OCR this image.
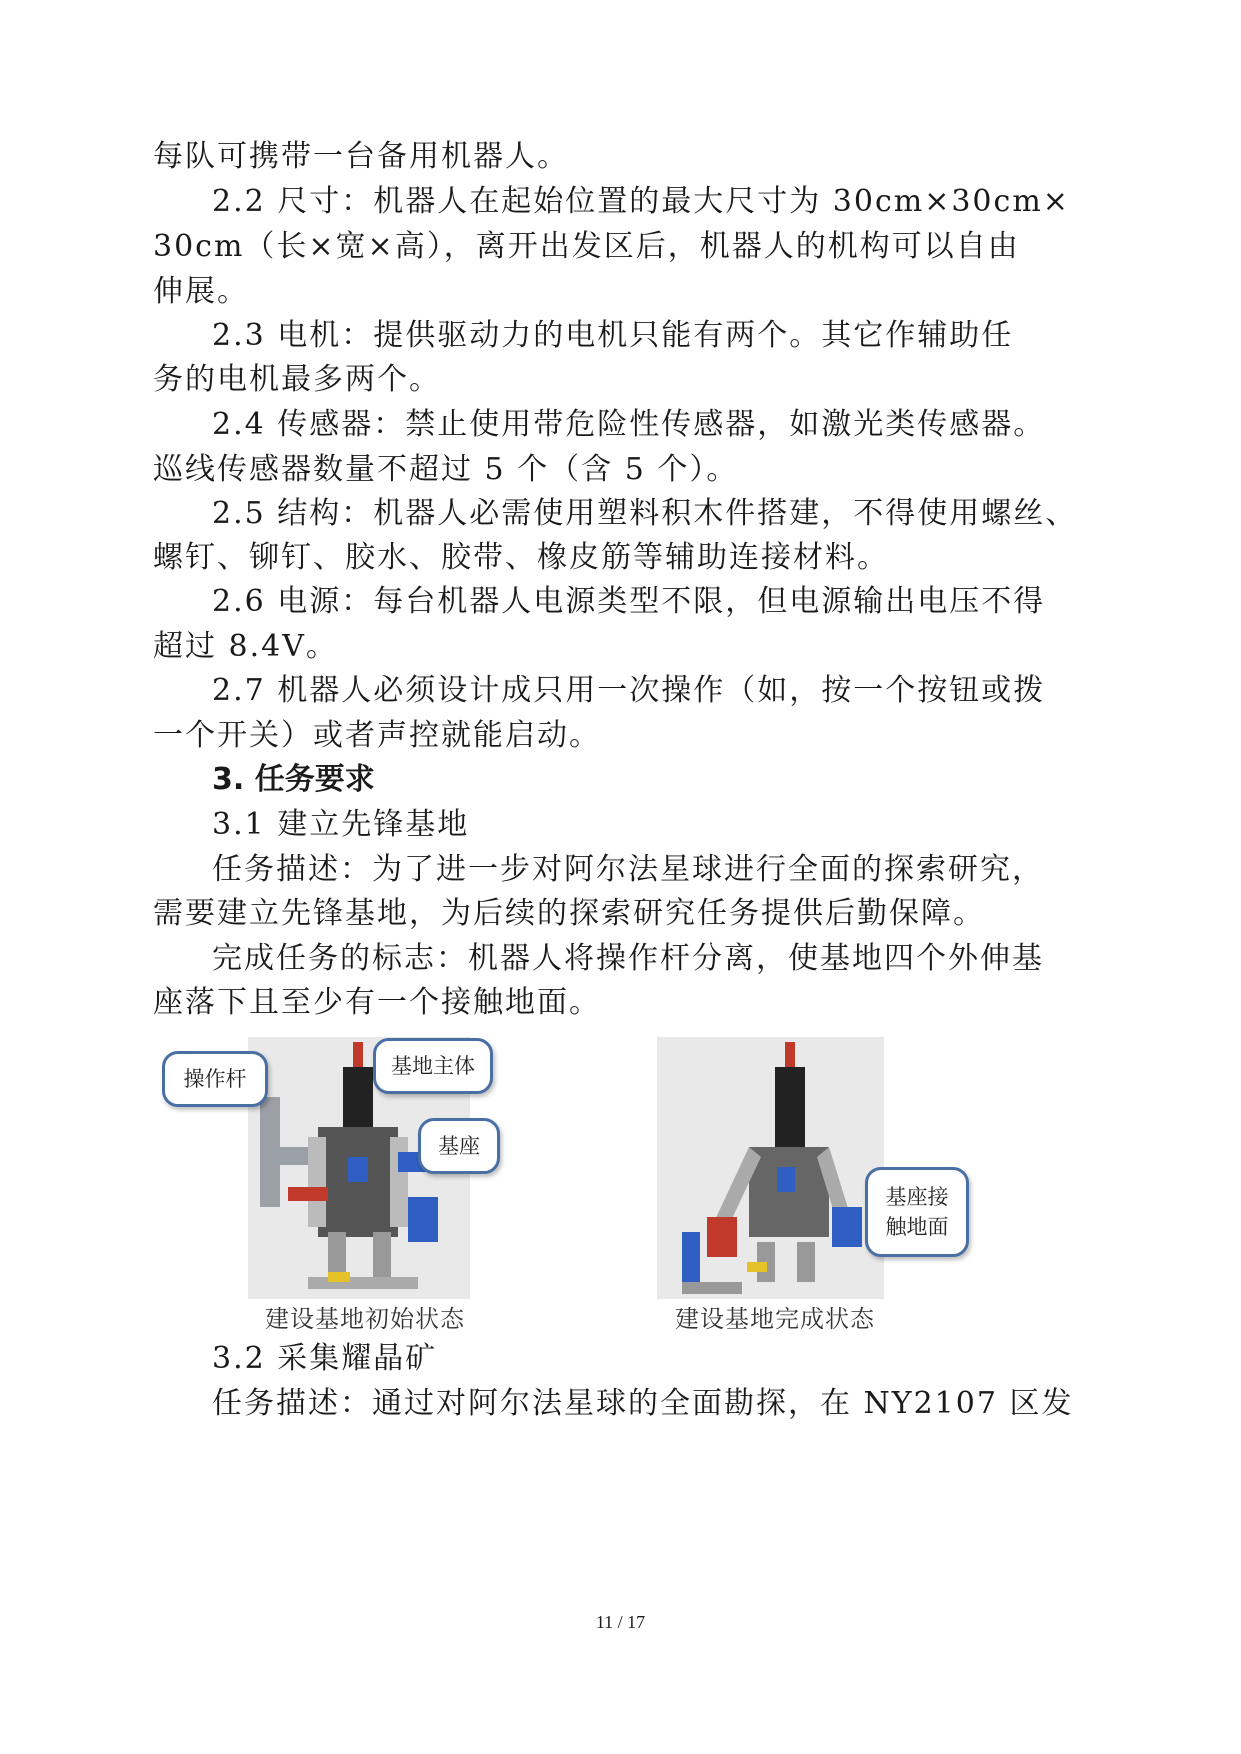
每队可携带一台备用机器人。
2.2 尺寸：机器人在起始位置的最大尺寸为 30cm×30cm×
30cm（长×宽×高），离开出发区后，机器人的机构可以自由
伸展。
2.3 电机：提供驱动力的电机只能有两个。其它作辅助任
务的电机最多两个。
2.4 传感器：禁止使用带危险性传感器，如激光类传感器。
巡线传感器数量不超过 5 个（含 5 个）。
2.5 结构：机器人必需使用塑料积木件搭建，不得使用螺丝、
螺钉、铆钉、胶水、胶带、橡皮筋等辅助连接材料。
2.6 电源：每台机器人电源类型不限，但电源输出电压不得
超过 8.4V。
2.7 机器人必须设计成只用一次操作（如，按一个按钮或拨
一个开关）或者声控就能启动。
3. 任务要求
3.1 建立先锋基地
任务描述：为了进一步对阿尔法星球进行全面的探索研究，
需要建立先锋基地，为后续的探索研究任务提供后勤保障。
完成任务的标志：机器人将操作杆分离，使基地四个外伸基
座落下且至少有一个接触地面。
操作杆
基地主体
基座
建设基地初始状态
基座接触地面
建设基地完成状态
3.2 采集耀晶矿
任务描述：通过对阿尔法星球的全面勘探，在 NY2107 区发
11 / 17
